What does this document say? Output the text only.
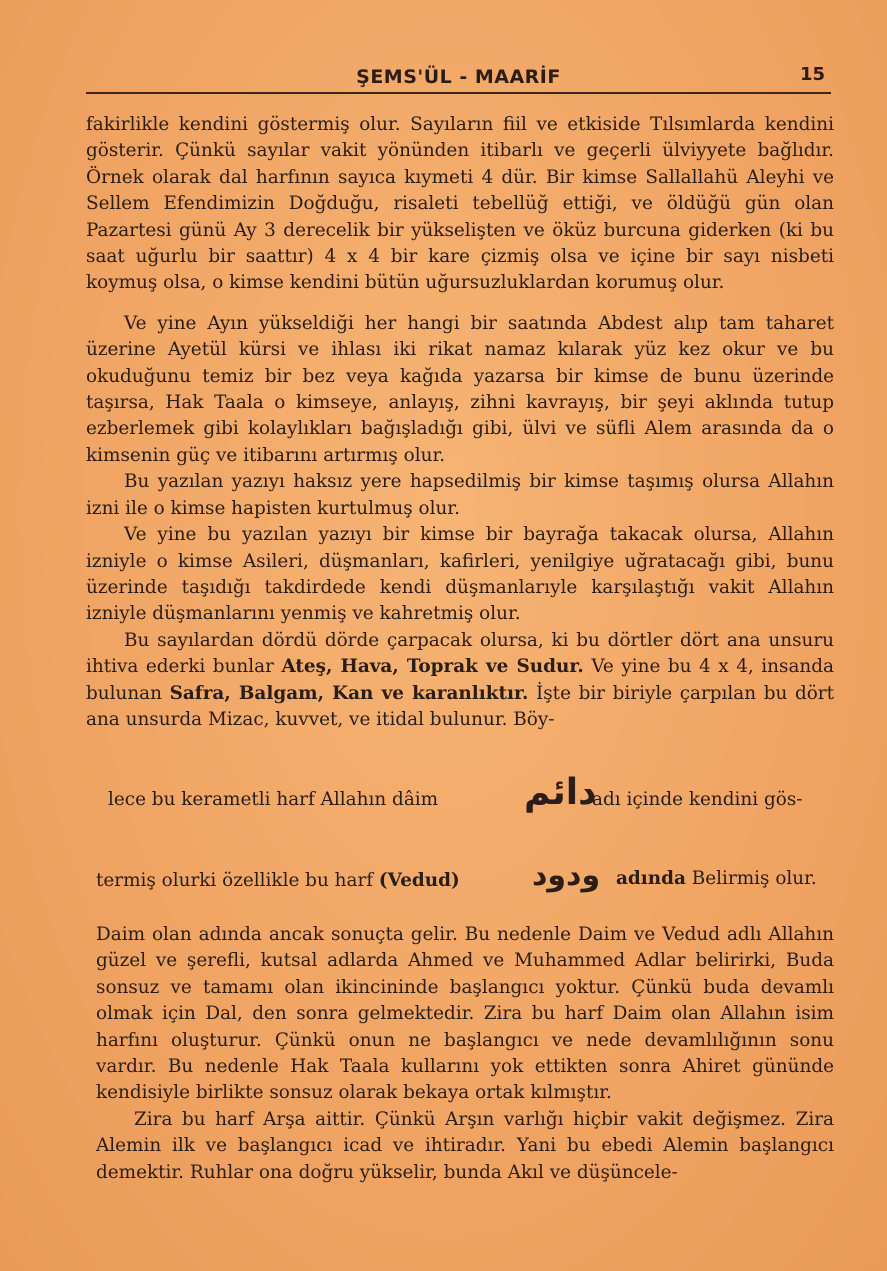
ŞEMS'ÜL - MAARİF	15

fakirlikle kendini göstermiş olur. Sayıların fiil ve etkiside Tılsımlarda kendini gösterir. Çünkü sayılar vakit yönünden itibarlı ve geçerli ülviyyete bağlıdır. Örnek olarak dal harfının sayıca kıymeti 4 dür. Bir kimse Sallallahü Aleyhi ve Sellem Efendimizin Doğduğu, risaleti tebellüğ ettiği, ve öldüğü gün olan Pazartesi günü Ay 3 derecelik bir yükselişten ve öküz burcuna giderken (ki bu saat uğurlu bir saattır) 4 x 4 bir kare çizmiş olsa ve içine bir sayı nisbeti koymuş olsa, o kimse kendini bütün uğursuzluklardan korumuş olur.

Ve yine Ayın yükseldiği her hangi bir saatında Abdest alıp tam taharet üzerine Ayetül kürsi ve ihlası iki rikat namaz kılarak yüz kez okur ve bu okuduğunu temiz bir bez veya kağıda yazarsa bir kimse de bunu üzerinde taşırsa, Hak Taala o kimseye, anlayış, zihni kavrayış, bir şeyi aklında tutup ezberlemek gibi kolaylıkları bağışladığı gibi, ülvi ve süfli Alem arasında da o kimsenin güç ve itibarını artırmış olur.

Bu yazılan yazıyı haksız yere hapsedilmiş bir kimse taşımış olursa Allahın izni ile o kimse hapisten kurtulmuş olur.

Ve yine bu yazılan yazıyı bir kimse bir bayrağa takacak olursa, Allahın izniyle o kimse Asileri, düşmanları, kafirleri, yenilgiye uğratacağı gibi, bunu üzerinde taşıdığı takdirdede kendi düşmanlarıyle karşılaştığı vakit Allahın izniyle düşmanlarını yenmiş ve kahretmiş olur.

Bu sayılardan dördü dörde çarpacak olursa, ki bu dörtler dört ana unsuru ihtiva ederki bunlar Ateş, Hava, Toprak ve Sudur. Ve yine bu 4 x 4, insanda bulunan Safra, Balgam, Kan ve karanlıktır. İşte bir biriyle çarpılan bu dört ana unsurda Mizac, kuvvet, ve itidal bulunur. Böy-

lece bu kerametli harf Allahın dâim دائم
adı içinde kendini gös-
termiş olurki özellikle bu harf (Vedud) ودود adında Belirmiş olur.

Daim olan adında ancak sonuçta gelir. Bu nedenle Daim ve Vedud adlı Allahın güzel ve şerefli, kutsal adlarda Ahmed ve Muhammed Adlar belirirki, Buda sonsuz ve tamamı olan ikincininde başlangıcı yoktur. Çünkü buda devamlı olmak için Dal, den sonra gelmektedir. Zira bu harf Daim olan Allahın isim harfını oluşturur. Çünkü onun ne başlangıcı ve nede devamlılığının sonu vardır. Bu nedenle Hak Taala kullarını yok ettikten sonra Ahiret gününde kendisiyle birlikte sonsuz olarak bekaya ortak kılmıştır.

Zira bu harf Arşa aittir. Çünkü Arşın varlığı hiçbir vakit değişmez. Zira Alemin ilk ve başlangıcı icad ve ihtiradır. Yani bu ebedi Alemin başlangıcı demektir. Ruhlar ona doğru yükselir, bunda Akıl ve düşüncele-
